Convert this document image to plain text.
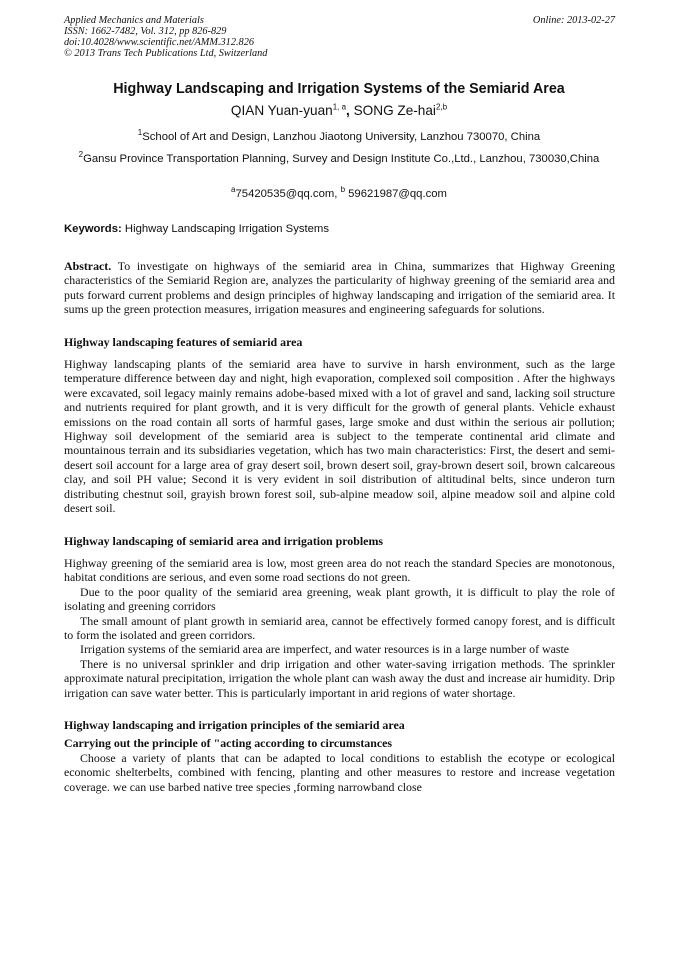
Applied Mechanics and Materials
ISSN: 1662-7482, Vol. 312, pp 826-829
doi:10.4028/www.scientific.net/AMM.312.826
© 2013 Trans Tech Publications Ltd, Switzerland
Online: 2013-02-27
Highway Landscaping and Irrigation Systems of the Semiarid Area
QIAN Yuan-yuan$^{1, a}$, SONG Ze-hai$^{2,b}$
$^1$School of Art and Design, Lanzhou Jiaotong University, Lanzhou 730070, China
$^2$Gansu Province Transportation Planning, Survey and Design Institute Co.,Ltd., Lanzhou, 730030,China
$^a$75420535@qq.com, $^b$ 59621987@qq.com
Keywords: Highway Landscaping Irrigation Systems

Abstract. To investigate on highways of the semiarid area in China, summarizes that Highway Greening characteristics of the Semiarid Region are, analyzes the particularity of highway greening of the semiarid area and puts forward current problems and design principles of highway landscaping and irrigation of the semiarid area. It sums up the green protection measures, irrigation measures and engineering safeguards for solutions.

Highway landscaping features of semiarid area

Highway landscaping plants of the semiarid area have to survive in harsh environment, such as the large temperature difference between day and night, high evaporation, complexed soil composition . After the highways were excavated, soil legacy mainly remains adobe-based mixed with a lot of gravel and sand, lacking soil structure and nutrients required for plant growth, and it is very difficult for the growth of general plants. Vehicle exhaust emissions on the road contain all sorts of harmful gases, large smoke and dust within the serious air pollution; Highway soil development of the semiarid area is subject to the temperate continental arid climate and mountainous terrain and its subsidiaries vegetation, which has two main characteristics: First, the desert and semi-desert soil account for a large area of gray desert soil, brown desert soil, gray-brown desert soil, brown calcareous clay, and soil PH value; Second it is very evident in soil distribution of altitudinal belts, since underon turn distributing chestnut soil, grayish brown forest soil, sub-alpine meadow soil, alpine meadow soil and alpine cold desert soil.

Highway landscaping of semiarid area and irrigation problems

Highway greening of the semiarid area is low, most green area do not reach the standard Species are monotonous, habitat conditions are serious, and even some road sections do not green.

Due to the poor quality of the semiarid area greening, weak plant growth, it is difficult to play the role of isolating and greening corridors

The small amount of plant growth in semiarid area, cannot be effectively formed canopy forest, and is difficult to form the isolated and green corridors.

Irrigation systems of the semiarid area are imperfect, and water resources is in a large number of waste

There is no universal sprinkler and drip irrigation and other water-saving irrigation methods. The sprinkler approximate natural precipitation, irrigation the whole plant can wash away the dust and increase air humidity. Drip irrigation can save water better. This is particularly important in arid regions of water shortage.

Highway landscaping and irrigation principles of the semiarid area
Carrying out the principle of "acting according to circumstances

Choose a variety of plants that can be adapted to local conditions to establish the ecotype or ecological economic shelterbelts, combined with fencing, planting and other measures to restore and increase vegetation coverage. we can use barbed native tree species ,forming narrowband close
